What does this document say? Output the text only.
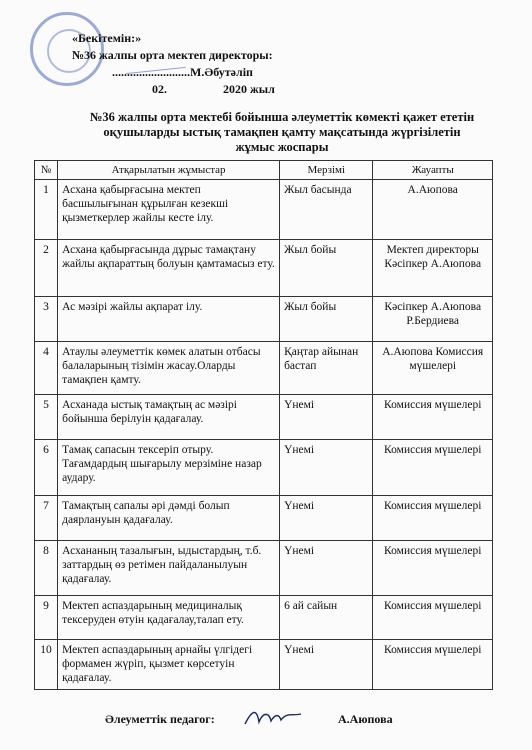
«Бекітемін:»
№36 жалпы орта мектеп директоры:
..........................М.Әбутәліп
02.	2020 жыл
№36 жалпы орта мектебі бойынша әлеуметтік көмекті қажет ететін
оқушыларды ыстық тамақпен қамту мақсатында жүргізілетін
жұмыс жоспары
№	Атқарылатын жұмыстар	Мерзімі	Жауапты
1	Асхана қабырғасына мектеп басшылығынан құрылған кезекші қызметкерлер жайлы кесте ілу.	Жыл басында	А.Аюпова
2	Асхана қабырғасында дұрыс тамақтану жайлы ақпараттың болуын қамтамасыз ету.	Жыл бойы	Мектеп директоры Кәсіпкер А.Аюпова
3	Ас мәзірі жайлы ақпарат ілу.	Жыл бойы	Кәсіпкер А.Аюпова Р.Бердиева
4	Атаулы әлеуметтік көмек алатын отбасы балаларының тізімін жасау.Оларды тамақпен қамту.	Қаңтар айынан бастап	А.Аюпова Комиссия мүшелері
5	Асханада ыстық тамақтың ас мәзірі бойынша берілуін қадағалау.	Үнемі	Комиссия мүшелері
6	Тамақ сапасын тексеріп отыру. Тағамдардың шығарылу мерзіміне назар аудару.	Үнемі	Комиссия мүшелері
7	Тамақтың сапалы әрі дәмді болып даярлануын қадағалау.	Үнемі	Комиссия мүшелері
8	Асхананың тазалығын, ыдыстардың, т.б. заттардың өз ретімен пайдаланылуын қадағалау.	Үнемі	Комиссия мүшелері
9	Мектеп аспаздарының медициналық тексеруден өтуін қадағалау,талап ету.	6 ай сайын	Комиссия мүшелері
10	Мектеп аспаздарының арнайы үлгідегі формамен жүріп, қызмет көрсетуін қадағалау.	Үнемі	Комиссия мүшелері
Әлеуметтік педагог:	А.Аюпова
